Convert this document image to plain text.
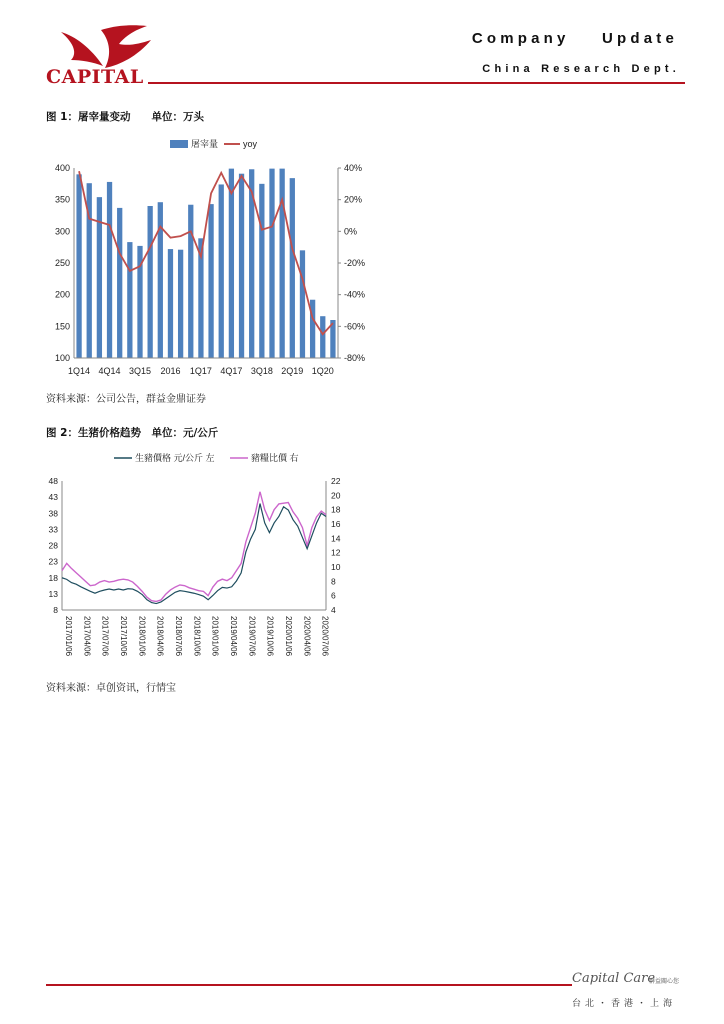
CAPITAL
Company Update
China Research Dept.
图 1：屠宰量变动　　单位：万头
屠宰量	yoy
400
350
300
250
200
150
100
40%
20%
0%
-20%
-40%
-60%
-80%
1Q14 4Q14 3Q15 2016 1Q17 4Q17 3Q18 2Q19 1Q20
资料来源：公司公告，群益金鼎证券
图 2：生猪价格趋势　单位：元/公斤
生豬價格 元/公斤 左	豬糧比價 右
48
43
38
33
28
23
18
13
8
22
20
18
16
14
12
10
8
6
4
2017/01/06 2017/04/06 2017/07/06 2017/10/06 2018/01/06 2018/04/06 2018/07/06 2018/10/06 2019/01/06 2019/04/06 2019/07/06 2019/10/06 2020/01/06 2020/04/06 2020/07/06
资料来源：卓创资讯，行情宝
Capital Care
群益關心您
台北・香港・上海
